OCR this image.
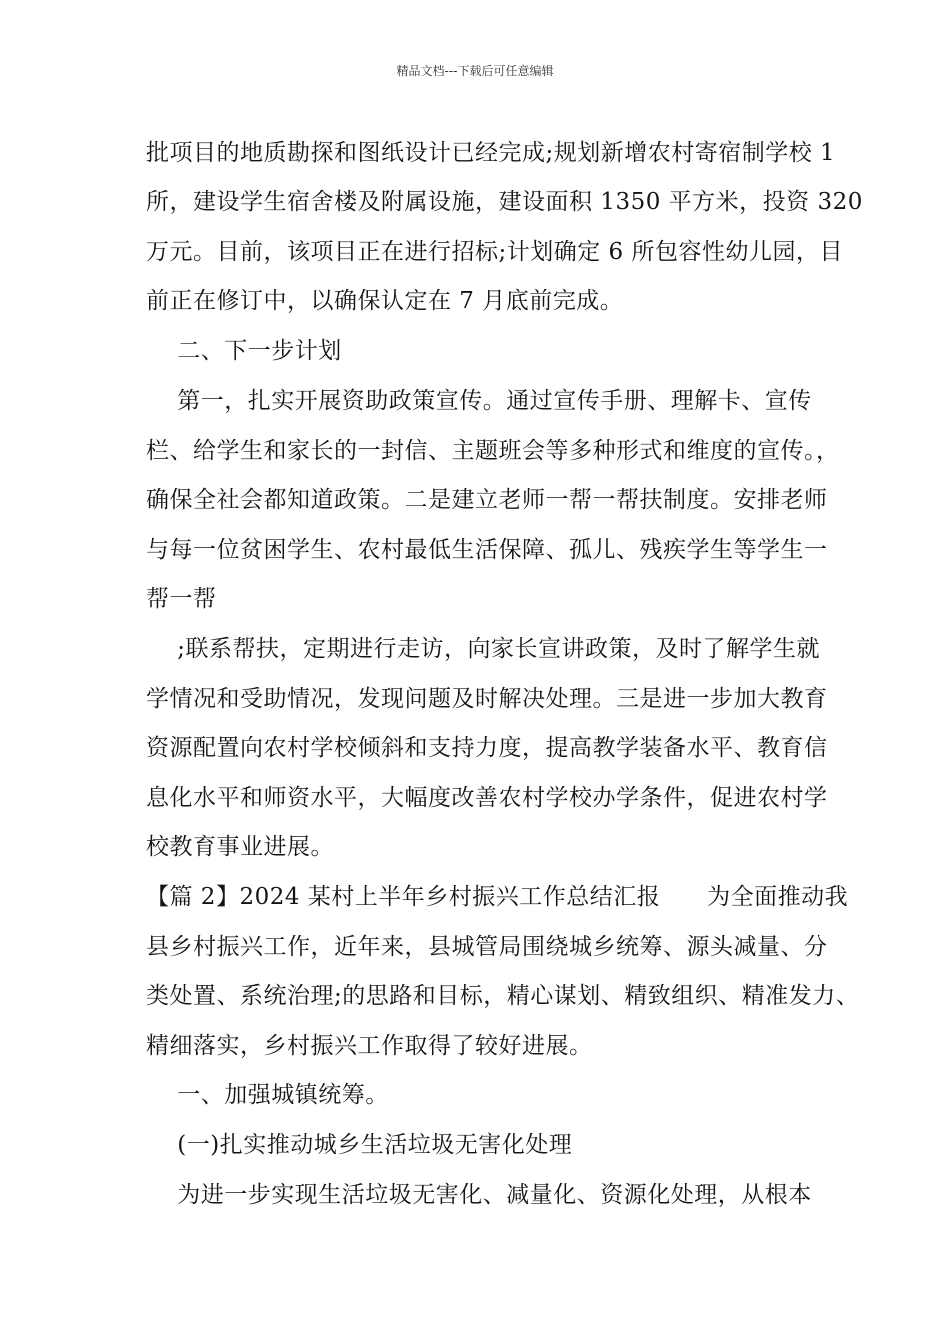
精品文档---下载后可任意编辑
批项目的地质勘探和图纸设计已经完成;规划新增农村寄宿制学校 1
所，建设学生宿舍楼及附属设施，建设面积 1350 平方米，投资 320
万元。目前，该项目正在进行招标;计划确定 6 所包容性幼儿园，目
前正在修订中，以确保认定在 7 月底前完成。
二、下一步计划
第一，扎实开展资助政策宣传。通过宣传手册、理解卡、宣传
栏、给学生和家长的一封信、主题班会等多种形式和维度的宣传。，
确保全社会都知道政策。二是建立老师一帮一帮扶制度。安排老师
与每一位贫困学生、农村最低生活保障、孤儿、残疾学生等学生一
帮一帮
;联系帮扶，定期进行走访，向家长宣讲政策，及时了解学生就
学情况和受助情况，发现问题及时解决处理。三是进一步加大教育
资源配置向农村学校倾斜和支持力度，提高教学装备水平、教育信
息化水平和师资水平，大幅度改善农村学校办学条件，促进农村学
校教育事业进展。
【篇 2】2024 某村上半年乡村振兴工作总结汇报      为全面推动我
县乡村振兴工作，近年来，县城管局围绕城乡统筹、源头减量、分
类处置、系统治理;的思路和目标，精心谋划、精致组织、精准发力、
精细落实，乡村振兴工作取得了较好进展。
一、加强城镇统筹。
(一)扎实推动城乡生活垃圾无害化处理
为进一步实现生活垃圾无害化、减量化、资源化处理，从根本
